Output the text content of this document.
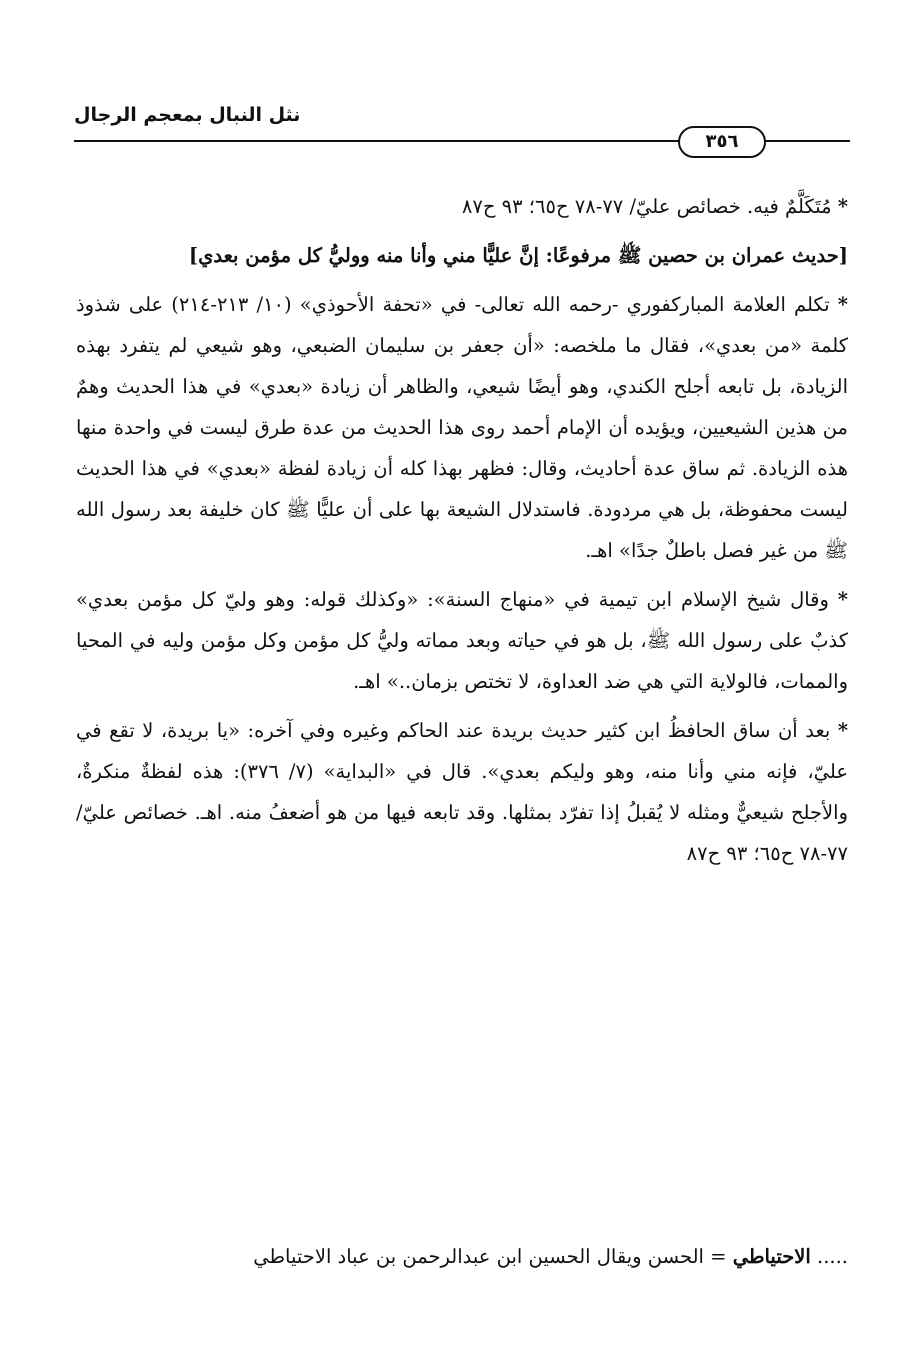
نثل النبال بمعجم الرجال
٣٥٦

* مُتَكَلَّمٌ فيه. خصائص عليّ/ ٧٧-٧٨ ح٦٥؛ ٩٣ ح٨٧

[حديث عمران بن حصين ﷺ مرفوعًا: إنَّ عليًّا مني وأنا منه ووليُّ كل مؤمن بعدي]

* تكلم العلامة المباركفوري -رحمه الله تعالى- في «تحفة الأحوذي» (١٠/ ٢١٣-٢١٤) على شذوذ كلمة «من بعدي»، فقال ما ملخصه: «أن جعفر بن سليمان الضبعي، وهو شيعي لم يتفرد بهذه الزيادة، بل تابعه أجلح الكندي، وهو أيضًا شيعي، والظاهر أن زيادة «بعدي» في هذا الحديث وهمٌ من هذين الشيعيين، ويؤيده أن الإمام أحمد روى هذا الحديث من عدة طرق ليست في واحدة منها هذه الزيادة. ثم ساق عدة أحاديث، وقال: فظهر بهذا كله أن زيادة لفظة «بعدي» في هذا الحديث ليست محفوظة، بل هي مردودة. فاستدلال الشيعة بها على أن عليًّا ﷺ كان خليفة بعد رسول الله ﷺ من غير فصل باطلٌ جدًا» اهـ.

* وقال شيخ الإسلام ابن تيمية في «منهاج السنة»: «وكذلك قوله: وهو وليّ كل مؤمن بعدي» كذبٌ على رسول الله ﷺ، بل هو في حياته وبعد مماته وليُّ كل مؤمن وكل مؤمن وليه في المحيا والممات، فالولاية التي هي ضد العداوة، لا تختص بزمان..» اهـ.

* بعد أن ساق الحافظُ ابن كثير حديث بريدة عند الحاكم وغيره وفي آخره: «يا بريدة، لا تقع في عليّ، فإنه مني وأنا منه، وهو وليكم بعدي». قال في «البداية» (٧/ ٣٧٦): هذه لفظةٌ منكرةٌ، والأجلح شيعيٌّ ومثله لا يُقبلُ إذا تفرّد بمثلها. وقد تابعه فيها من هو أضعفُ منه. اهـ. خصائص عليّ/ ٧٧-٧٨ ح٦٥؛ ٩٣ ح٨٧

..... الاحتياطي = الحسن ويقال الحسين ابن عبدالرحمن بن عباد الاحتياطي
